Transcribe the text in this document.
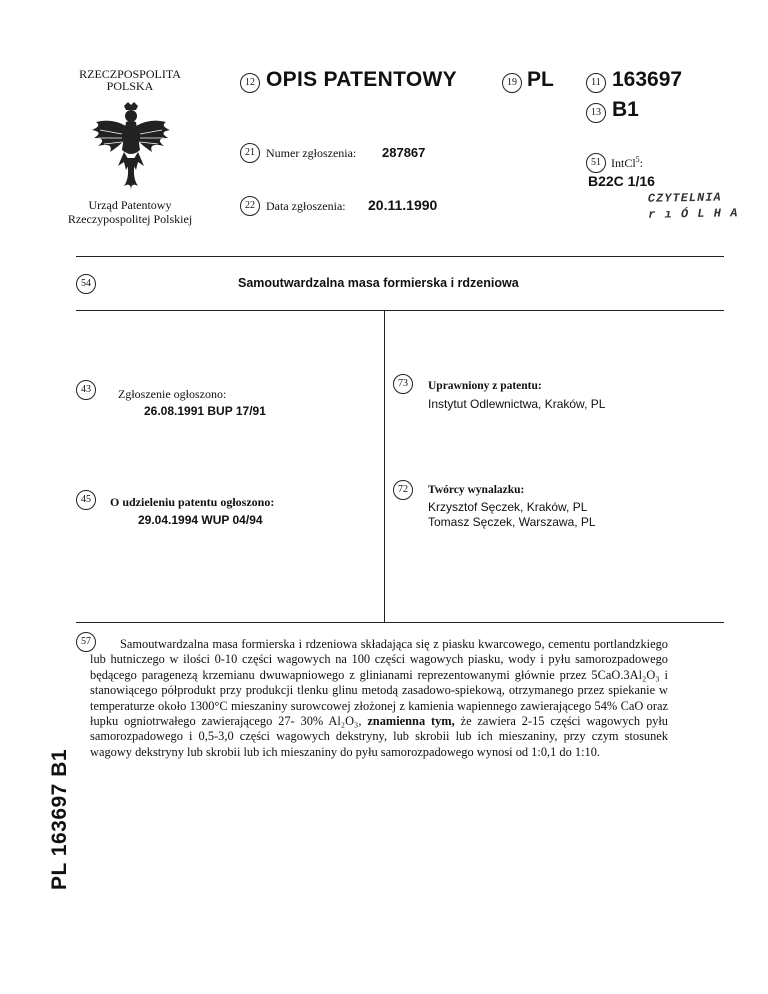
RZECZPOSPOLITA
POLSKA
Urząd Patentowy
Rzeczypospolitej Polskiej
12 OPIS PATENTOWY	19 PL	11 163697
13 B1
21 Numer zgłoszenia: 287867
51 IntCl$^5$:
B22C 1/16
22 Data zgłoszenia: 20.11.1990	CZYTELNIA
r ı Ó L H A
54	Samoutwardzalna masa formierska i rdzeniowa
43	Zgłoszenie ogłoszono:
26.08.1991 BUP 17/91
45	O udzieleniu patentu ogłoszono:
29.04.1994 WUP 04/94
73	Uprawniony z patentu:
Instytut Odlewnictwa, Kraków, PL
72	Twórcy wynalazku:
Krzysztof Sęczek, Kraków, PL
Tomasz Sęczek, Warszawa, PL
57	Samoutwardzalna masa formierska i rdzeniowa składająca się z piasku kwarcowego, cementu portlandzkiego lub hutniczego w ilości 0-10 części wagowych na 100 części wagowych piasku, wody i pyłu samorozpadowego będącego paragenezą krzemianu dwuwapniowego z glinianami reprezentowanymi głównie przez 5CaO.3Al₂O₃ i stanowiącego półprodukt przy produkcji tlenku glinu metodą zasadowo-spiekową, otrzymanego przez spiekanie w temperaturze około 1300°C mieszaniny surowcowej złożonej z kamienia wapiennego zawierającego 54% CaO oraz łupku ogniotrwałego zawierającego 27- 30% Al₂O₃, znamienna tym, że zawiera 2-15 części wagowych pyłu samorozpadowego i 0,5-3,0 części wagowych dekstryny, lub skrobii lub ich mieszaniny, przy czym stosunek wagowy dekstryny lub skrobii lub ich mieszaniny do pyłu samorozpadowego wynosi od 1:0,1 do 1:10.
PL 163697 B1
